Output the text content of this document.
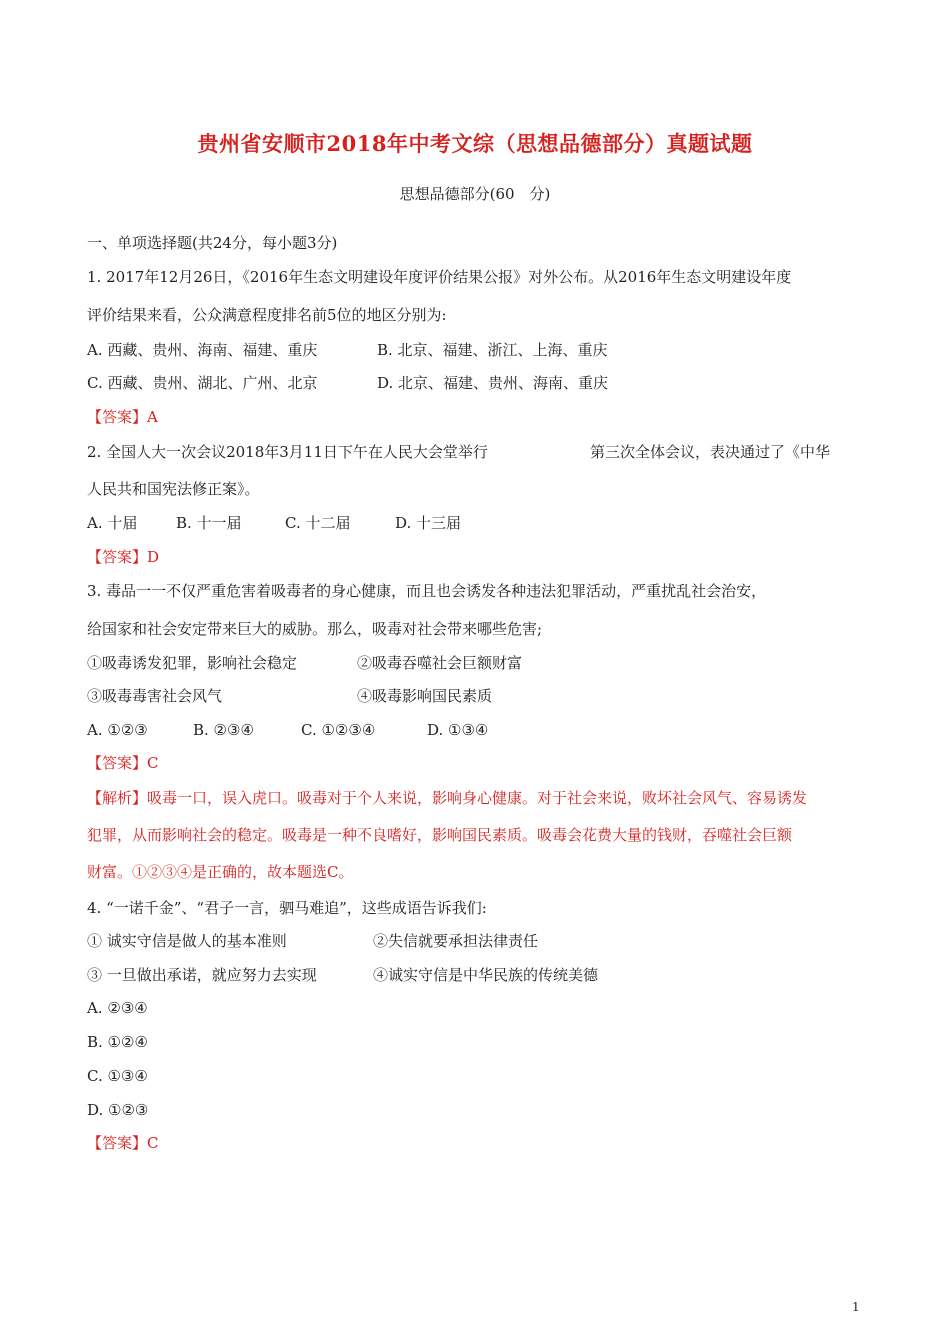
贵州省安顺市2018年中考文综（思想品德部分）真题试题
思想品德部分(60　分)
一、单项选择题(共24分，每小题3分)
1. 2017年12月26日，《2016年生态文明建设年度评价结果公报》对外公布。从2016年生态文明建设年度
评价结果来看，公众满意程度排名前5位的地区分别为:
A. 西藏、贵州、海南、福建、重庆	B. 北京、福建、浙江、上海、重庆
C. 西藏、贵州、湖北、广州、北京	D. 北京、福建、贵州、海南、重庆
【答案】A
2. 全国人大一次会议2018年3月11日下午在人民大会堂举行	第三次全体会议，表决通过了《中华
人民共和国宪法修正案》。
A. 十届	B. 十一届	C. 十二届	D. 十三届
【答案】D
3. 毒品一一不仅严重危害着吸毒者的身心健康，而且也会诱发各种违法犯罪活动，严重扰乱社会治安，
给国家和社会安定带来巨大的威胁。那么，吸毒对社会带来哪些危害;
①吸毒诱发犯罪，影响社会稳定	②吸毒吞噬社会巨额财富
③吸毒毒害社会风气	④吸毒影响国民素质
A. ①②③	B. ②③④	C. ①②③④	D. ①③④
【答案】C
【解析】吸毒一口，误入虎口。吸毒对于个人来说，影响身心健康。对于社会来说，败坏社会风气、容易诱发
犯罪，从而影响社会的稳定。吸毒是一种不良嗜好，影响国民素质。吸毒会花费大量的钱财，吞噬社会巨额
财富。①②③④是正确的，故本题选C。
4. “一诺千金”、“君子一言，驷马难追”，这些成语告诉我们:
① 诚实守信是做人的基本准则	②失信就要承担法律责任
③ 一旦做出承诺，就应努力去实现	④诚实守信是中华民族的传统美德
A. ②③④
B. ①②④
C. ①③④
D. ①②③
【答案】C
1
